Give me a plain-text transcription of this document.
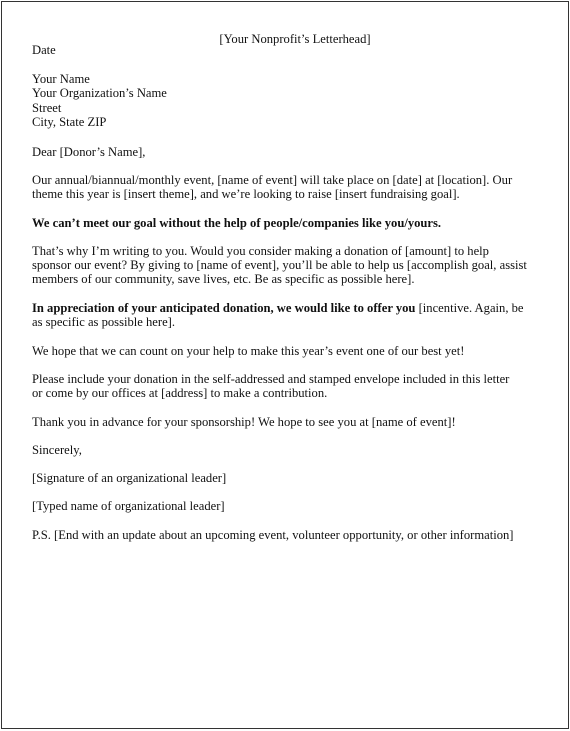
[Your Nonprofit’s Letterhead]
Date
Your Name
Your Organization’s Name
Street
City, State ZIP
Dear [Donor’s Name],
Our annual/biannual/monthly event, [name of event] will take place on [date] at [location]. Our
theme this year is [insert theme], and we’re looking to raise [insert fundraising goal].
We can’t meet our goal without the help of people/companies like you/yours.
That’s why I’m writing to you. Would you consider making a donation of [amount] to help
sponsor our event? By giving to [name of event], you’ll be able to help us [accomplish goal, assist
members of our community, save lives, etc. Be as specific as possible here].
In appreciation of your anticipated donation, we would like to offer you [incentive. Again, be
as specific as possible here].
We hope that we can count on your help to make this year’s event one of our best yet!
Please include your donation in the self-addressed and stamped envelope included in this letter
or come by our offices at [address] to make a contribution.
Thank you in advance for your sponsorship! We hope to see you at [name of event]!
Sincerely,
[Signature of an organizational leader]
[Typed name of organizational leader]
P.S. [End with an update about an upcoming event, volunteer opportunity, or other information]
